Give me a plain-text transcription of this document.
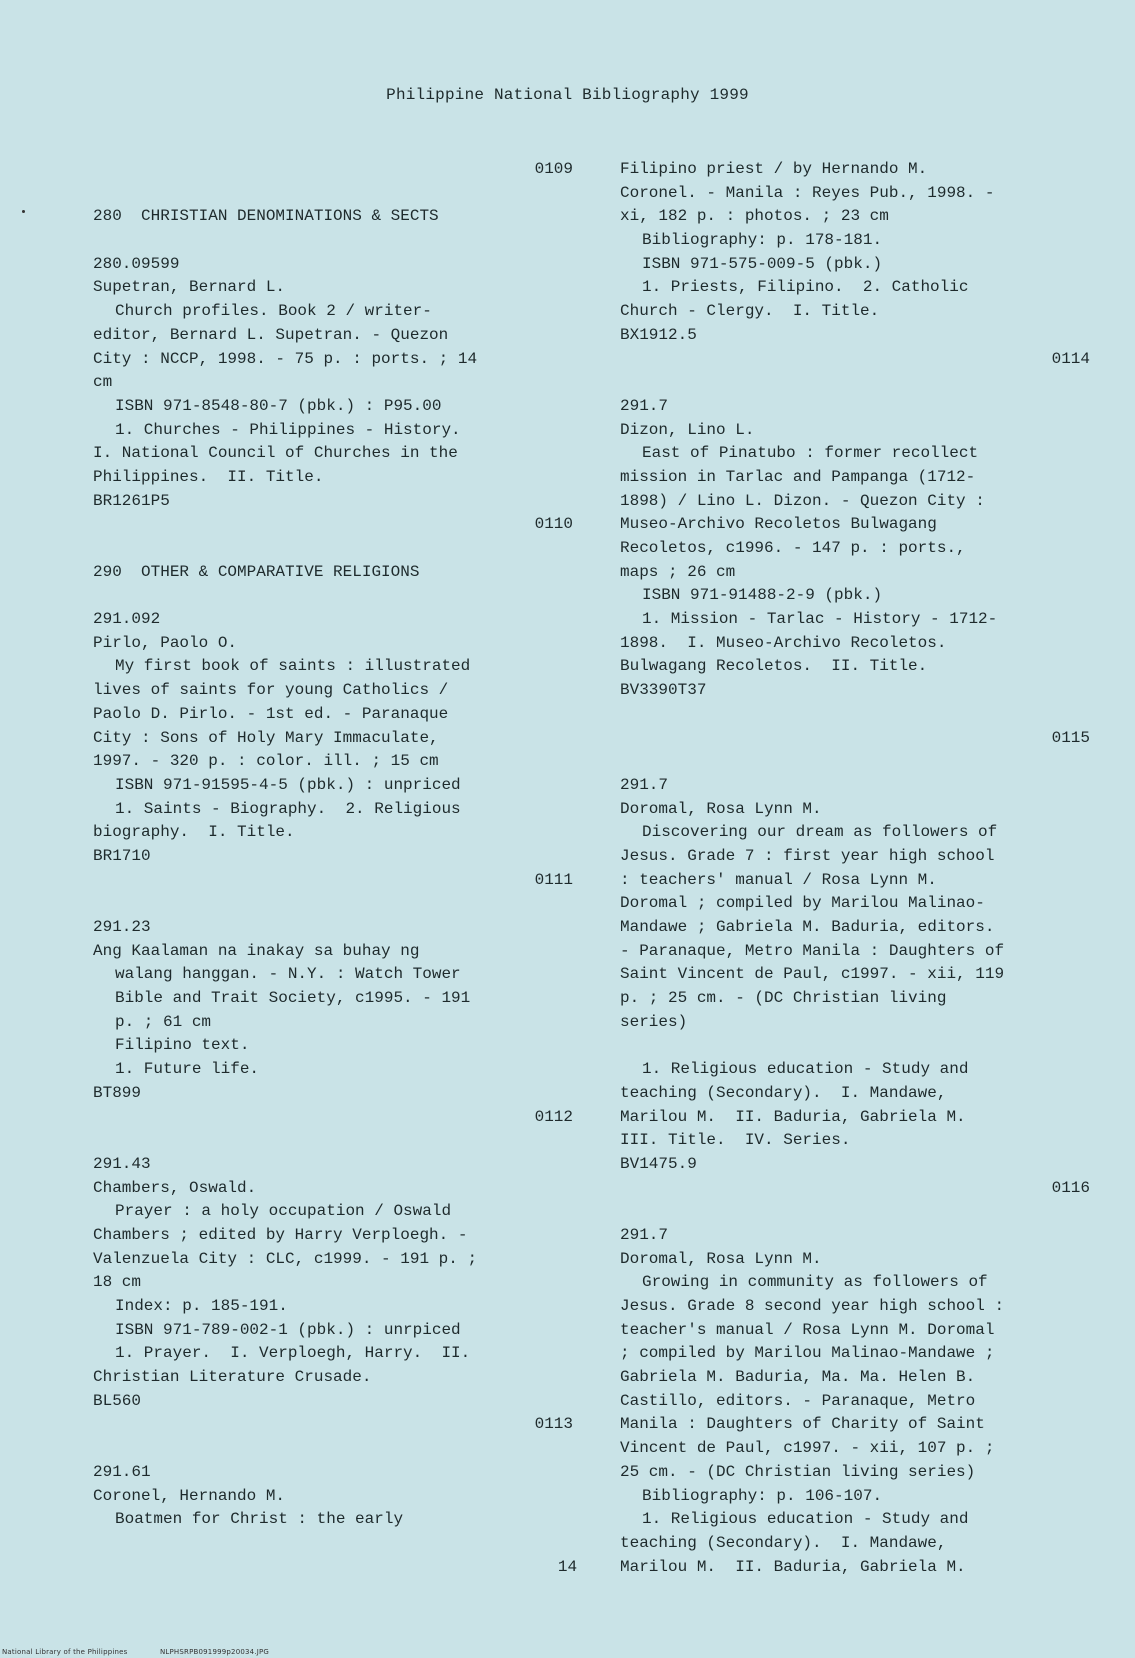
Philippine National Bibliography 1999
0109
280  CHRISTIAN DENOMINATIONS & SECTS
280.09599
Supetran, Bernard L.
Church profiles. Book 2 / writer-
editor, Bernard L. Supetran. - Quezon
City : NCCP, 1998. - 75 p. : ports. ; 14
cm
ISBN 971-8548-80-7 (pbk.) : P95.00
1. Churches - Philippines - History.
I. National Council of Churches in the
Philippines.  II. Title.
BR1261P5
0110
290  OTHER & COMPARATIVE RELIGIONS
291.092
Pirlo, Paolo O.
My first book of saints : illustrated
lives of saints for young Catholics /
Paolo D. Pirlo. - 1st ed. - Paranaque
City : Sons of Holy Mary Immaculate,
1997. - 320 p. : color. ill. ; 15 cm
ISBN 971-91595-4-5 (pbk.) : unpriced
1. Saints - Biography.  2. Religious
biography.  I. Title.
BR1710
0111
291.23
Ang Kaalaman na inakay sa buhay ng
walang hanggan. - N.Y. : Watch Tower
Bible and Trait Society, c1995. - 191
p. ; 61 cm
Filipino text.
1. Future life.
BT899
0112
291.43
Chambers, Oswald.
Prayer : a holy occupation / Oswald
Chambers ; edited by Harry Verploegh. -
Valenzuela City : CLC, c1999. - 191 p. ;
18 cm
Index: p. 185-191.
ISBN 971-789-002-1 (pbk.) : unrpiced
1. Prayer.  I. Verploegh, Harry.  II.
Christian Literature Crusade.
BL560
0113
291.61
Coronel, Hernando M.
Boatmen for Christ : the early
Filipino priest / by Hernando M.
Coronel. - Manila : Reyes Pub., 1998. -
xi, 182 p. : photos. ; 23 cm
Bibliography: p. 178-181.
ISBN 971-575-009-5 (pbk.)
1. Priests, Filipino.  2. Catholic
Church - Clergy.  I. Title.
BX1912.5
0114
291.7
Dizon, Lino L.
East of Pinatubo : former recollect
mission in Tarlac and Pampanga (1712-
1898) / Lino L. Dizon. - Quezon City :
Museo-Archivo Recoletos Bulwagang
Recoletos, c1996. - 147 p. : ports.,
maps ; 26 cm
ISBN 971-91488-2-9 (pbk.)
1. Mission - Tarlac - History - 1712-
1898.  I. Museo-Archivo Recoletos.
Bulwagang Recoletos.  II. Title.
BV3390T37
0115
291.7
Doromal, Rosa Lynn M.
Discovering our dream as followers of
Jesus. Grade 7 : first year high school
: teachers' manual / Rosa Lynn M.
Doromal ; compiled by Marilou Malinao-
Mandawe ; Gabriela M. Baduria, editors.
- Paranaque, Metro Manila : Daughters of
Saint Vincent de Paul, c1997. - xii, 119
p. ; 25 cm. - (DC Christian living
series)
1. Religious education - Study and
teaching (Secondary).  I. Mandawe,
Marilou M.  II. Baduria, Gabriela M.
III. Title.  IV. Series.
BV1475.9
0116
291.7
Doromal, Rosa Lynn M.
Growing in community as followers of
Jesus. Grade 8 second year high school :
teacher's manual / Rosa Lynn M. Doromal
; compiled by Marilou Malinao-Mandawe ;
Gabriela M. Baduria, Ma. Ma. Helen B.
Castillo, editors. - Paranaque, Metro
Manila : Daughters of Charity of Saint
Vincent de Paul, c1997. - xii, 107 p. ;
25 cm. - (DC Christian living series)
Bibliography: p. 106-107.
1. Religious education - Study and
teaching (Secondary).  I. Mandawe,
Marilou M.  II. Baduria, Gabriela M.
14
National Library of the Philippines	NLPHSRPB091999p20034.JPG
